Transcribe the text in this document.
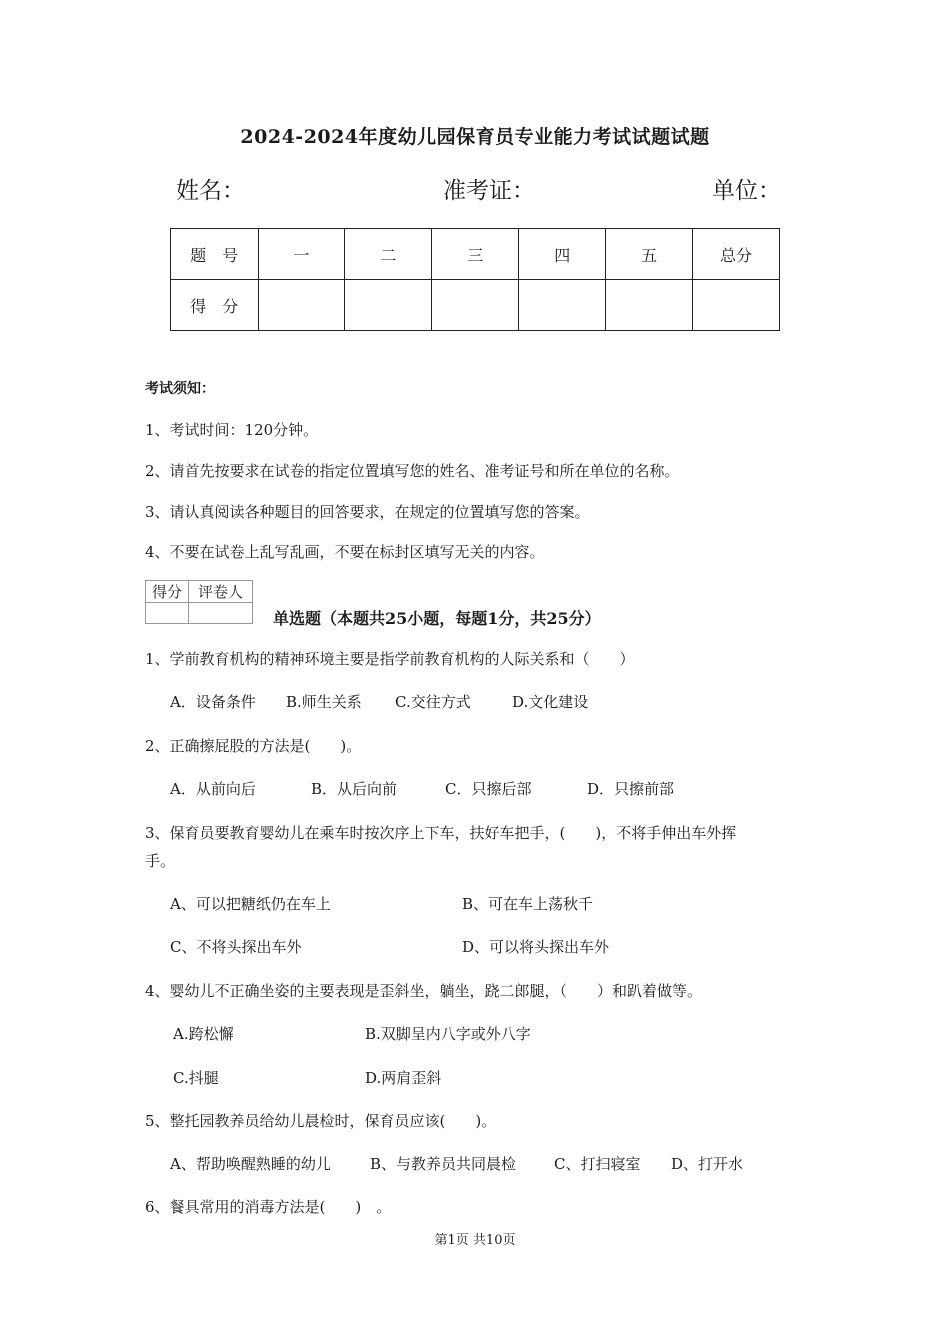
2024-2024年度幼儿园保育员专业能力考试试题试题
姓名：	准考证：	单位：
题　号	一	二	三	四	五	总分
得　分						
考试须知：
1、考试时间：120分钟。
2、请首先按要求在试卷的指定位置填写您的姓名、准考证号和所在单位的名称。
3、请认真阅读各种题目的回答要求，在规定的位置填写您的答案。
4、不要在试卷上乱写乱画，不要在标封区填写无关的内容。
得分	评卷人

单选题（本题共25小题，每题1分，共25分）
1、学前教育机构的精神环境主要是指学前教育机构的人际关系和（　　）
A．设备条件 B.师生关系 C.交往方式	D.文化建设
2、正确擦屁股的方法是(　　)。
A．从前向后	B．从后向前	C．只擦后部	D．只擦前部
3、保育员要教育婴幼儿在乘车时按次序上下车，扶好车把手，(　　)，不将手伸出车外挥
手。
A、可以把糖纸仍在车上	B、可在车上荡秋千
C、不将头探出车外	D、可以将头探出车外
4、婴幼儿不正确坐姿的主要表现是歪斜坐，躺坐，跷二郎腿，（　　）和趴着做等。
A.跨松懈	B.双脚呈内八字或外八字
C.抖腿	D.两肩歪斜
5、整托园教养员给幼儿晨检时，保育员应该(　　)。
A、帮助唤醒熟睡的幼儿	B、与教养员共同晨检	C、打扫寝室 D、打开水
6、餐具常用的消毒方法是(　　)　。
第1页 共10页
